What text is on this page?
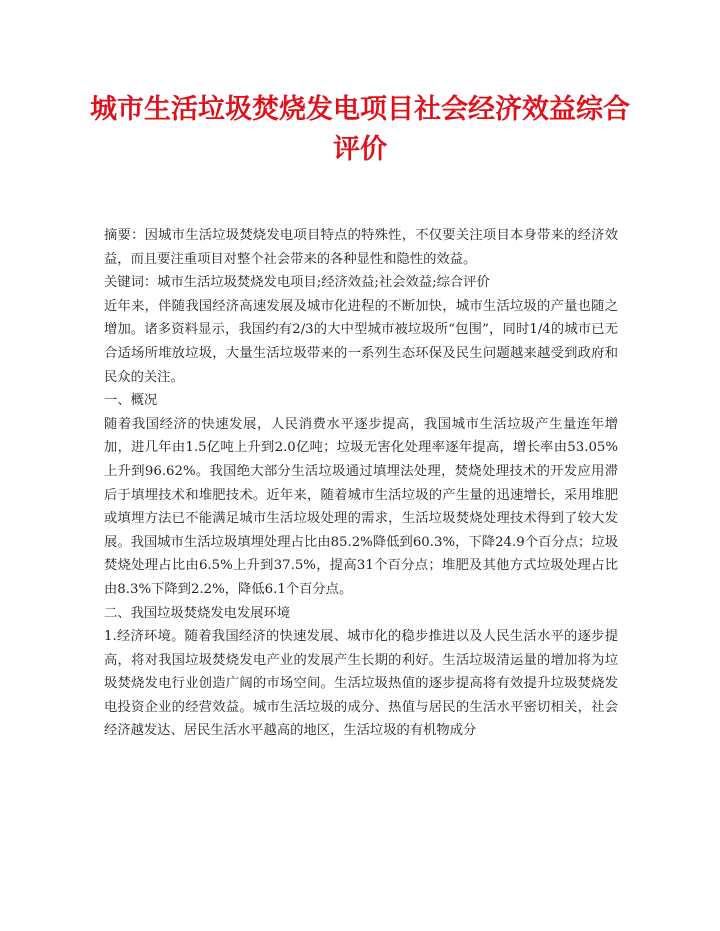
城市生活垃圾焚烧发电项目社会经济效益综合评价

摘要：因城市生活垃圾焚烧发电项目特点的特殊性，不仅要关注项目本身带来的经济效益，而且要注重项目对整个社会带来的各种显性和隐性的效益。

关键词：城市生活垃圾焚烧发电项目;经济效益;社会效益;综合评价

近年来，伴随我国经济高速发展及城市化进程的不断加快，城市生活垃圾的产量也随之增加。诸多资料显示，我国约有2/3的大中型城市被垃圾所“包围”，同时1/4的城市已无合适场所堆放垃圾，大量生活垃圾带来的一系列生态环保及民生问题越来越受到政府和民众的关注。

一、概况

随着我国经济的快速发展，人民消费水平逐步提高，我国城市生活垃圾产生量连年增加，进几年由1.5亿吨上升到2.0亿吨；垃圾无害化处理率逐年提高，增长率由53.05%上升到96.62%。我国绝大部分生活垃圾通过填埋法处理，焚烧处理技术的开发应用滞后于填埋技术和堆肥技术。近年来，随着城市生活垃圾的产生量的迅速增长，采用堆肥或填埋方法已不能满足城市生活垃圾处理的需求，生活垃圾焚烧处理技术得到了较大发展。我国城市生活垃圾填埋处理占比由85.2%降低到60.3%，下降24.9个百分点；垃圾焚烧处理占比由6.5%上升到37.5%，提高31个百分点；堆肥及其他方式垃圾处理占比由8.3%下降到2.2%，降低6.1个百分点。

二、我国垃圾焚烧发电发展环境

1.经济环境。随着我国经济的快速发展、城市化的稳步推进以及人民生活水平的逐步提高，将对我国垃圾焚烧发电产业的发展产生长期的利好。生活垃圾清运量的增加将为垃圾焚烧发电行业创造广阔的市场空间。生活垃圾热值的逐步提高将有效提升垃圾焚烧发电投资企业的经营效益。城市生活垃圾的成分、热值与居民的生活水平密切相关，社会经济越发达、居民生活水平越高的地区，生活垃圾的有机物成分
